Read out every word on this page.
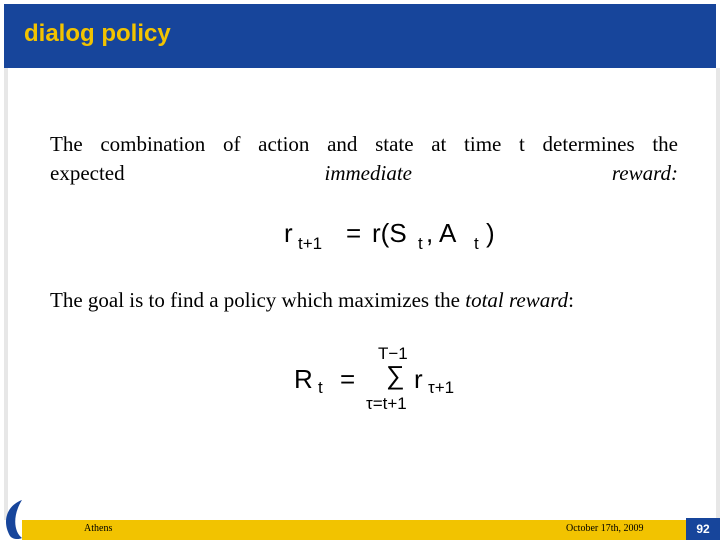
dialog policy
The combination of action and state at time t determines the
expected immediate reward:
r t+1 = r(S t , A t )
The goal is to find a policy which maximizes the total reward:
R t =
T−1
∑ r τ+1
τ=t+1
Athens	October 17th, 2009	92
